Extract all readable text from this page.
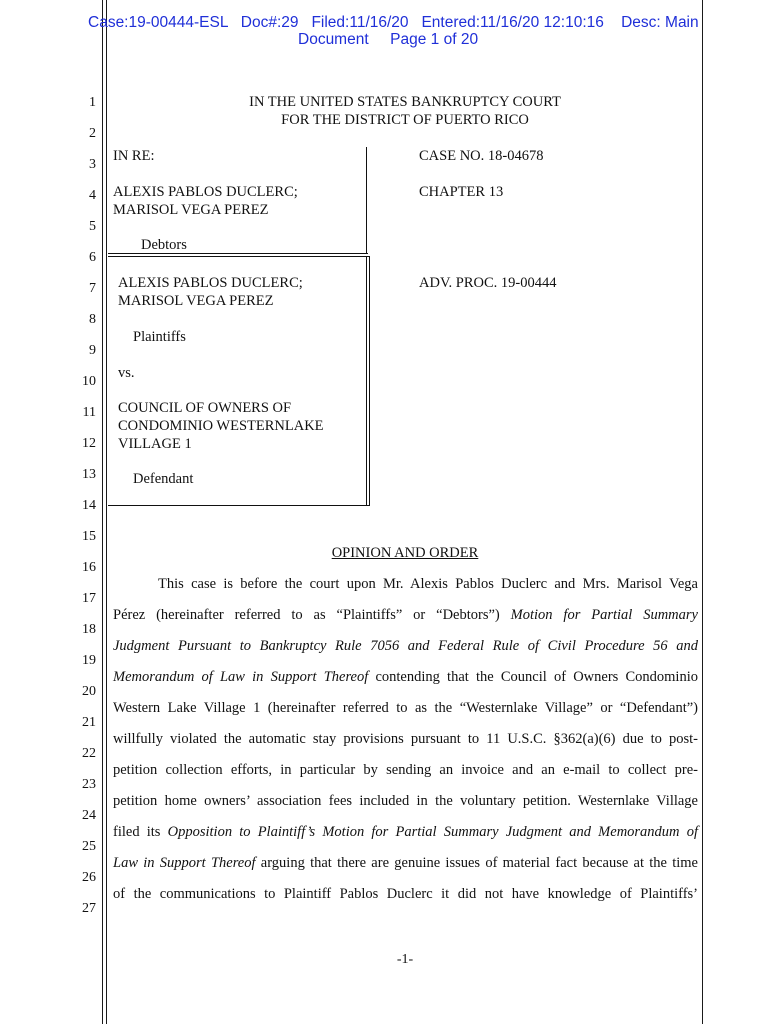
Case:19-00444-ESL   Doc#:29   Filed:11/16/20   Entered:11/16/20 12:10:16    Desc: Main
Document     Page 1 of 20
1
2
3
4
5
6
7
8
9
10
11
12
13
14
15
16
17
18
19
20
21
22
23
24
25
26
27
IN THE UNITED STATES BANKRUPTCY COURT
FOR THE DISTRICT OF PUERTO RICO
IN RE:
ALEXIS PABLOS DUCLERC;
MARISOL VEGA PEREZ
Debtors
ALEXIS PABLOS DUCLERC;
MARISOL VEGA PEREZ
Plaintiffs
vs.
COUNCIL OF OWNERS OF
CONDOMINIO WESTERNLAKE
VILLAGE 1
Defendant
CASE NO. 18-04678
CHAPTER 13
ADV. PROC. 19-00444
OPINION AND ORDER
This case is before the court upon Mr. Alexis Pablos Duclerc and Mrs. Marisol Vega
Pérez (hereinafter referred to as “Plaintiffs” or “Debtors”) Motion for Partial Summary
Judgment Pursuant to Bankruptcy Rule 7056 and Federal Rule of Civil Procedure 56 and
Memorandum of Law in Support Thereof contending that the Council of Owners Condominio
Western Lake Village 1 (hereinafter referred to as the “Westernlake Village” or “Defendant”)
willfully violated the automatic stay provisions pursuant to 11 U.S.C. §362(a)(6) due to post-
petition collection efforts, in particular by sending an invoice and an e-mail to collect pre-
petition home owners’ association fees included in the voluntary petition. Westernlake Village
filed its Opposition to Plaintiff’s Motion for Partial Summary Judgment and Memorandum of
Law in Support Thereof arguing that there are genuine issues of material fact because at the time
of the communications to Plaintiff Pablos Duclerc it did not have knowledge of Plaintiffs’
-1-
